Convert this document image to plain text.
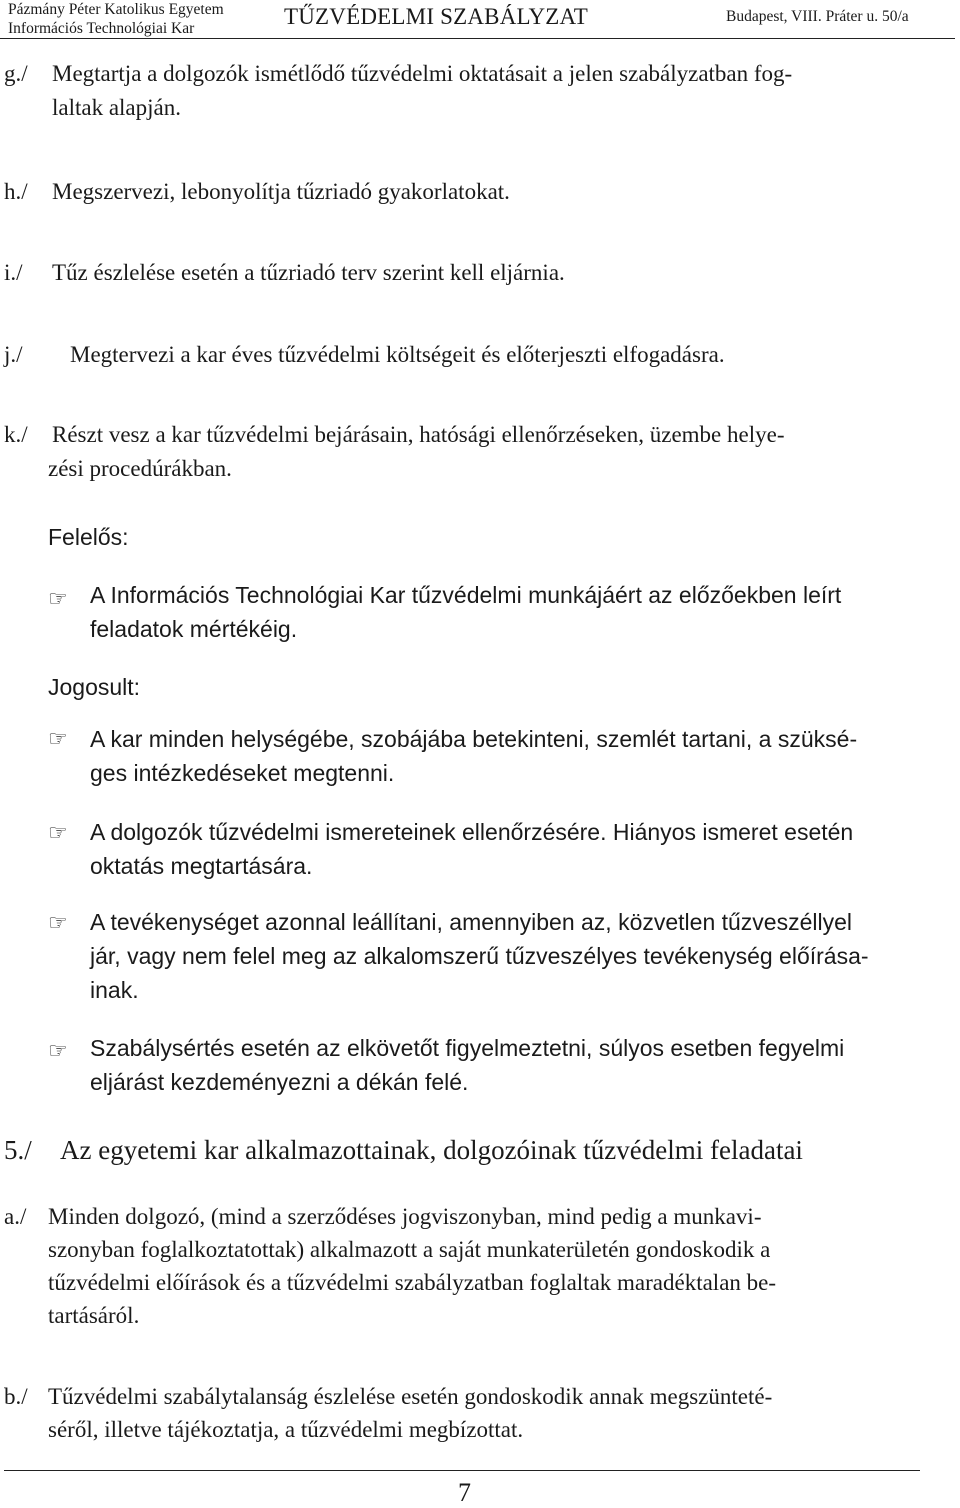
Pázmány Péter Katolikus Egyetem
Információs Technológiai Kar	TŰZVÉDELMI SZABÁLYZAT	Budapest, VIII. Práter u. 50/a
g./ Megtartja a dolgozók ismétlődő tűzvédelmi oktatásait a jelen szabályzatban fog-
laltak alapján.
h./ Megszervezi, lebonyolítja tűzriadó gyakorlatokat.
i./ Tűz észlelése esetén a tűzriadó terv szerint kell eljárnia.
j./ Megtervezi a kar éves tűzvédelmi költségeit és előterjeszti elfogadásra.
k./ Részt vesz a kar tűzvédelmi bejárásain, hatósági ellenőrzéseken, üzembe helye-
zési procedúrákban.
Felelős:
☞ A Információs Technológiai Kar tűzvédelmi munkájáért az előzőekben leírt
feladatok mértékéig.
Jogosult:
☞ A kar minden helységébe, szobájába betekinteni, szemlét tartani, a szüksé-
ges intézkedéseket megtenni.
☞ A dolgozók tűzvédelmi ismereteinek ellenőrzésére. Hiányos ismeret esetén
oktatás megtartására.
☞ A tevékenységet azonnal leállítani, amennyiben az, közvetlen tűzveszéllyel
jár, vagy nem felel meg az alkalomszerű tűzveszélyes tevékenység előírása-
inak.
☞ Szabálysértés esetén az elkövetőt figyelmeztetni, súlyos esetben fegyelmi
eljárást kezdeményezni a dékán felé.
5./ Az egyetemi kar alkalmazottainak, dolgozóinak tűzvédelmi feladatai
a./ Minden dolgozó, (mind a szerződéses jogviszonyban, mind pedig a munkavi-
szonyban foglalkoztatottak) alkalmazott a saját munkaterületén gondoskodik a
tűzvédelmi előírások és a tűzvédelmi szabályzatban foglaltak maradéktalan be-
tartásáról.
b./ Tűzvédelmi szabálytalanság észlelése esetén gondoskodik annak megszünteté-
séről, illetve tájékoztatja, a tűzvédelmi megbízottat.
7
